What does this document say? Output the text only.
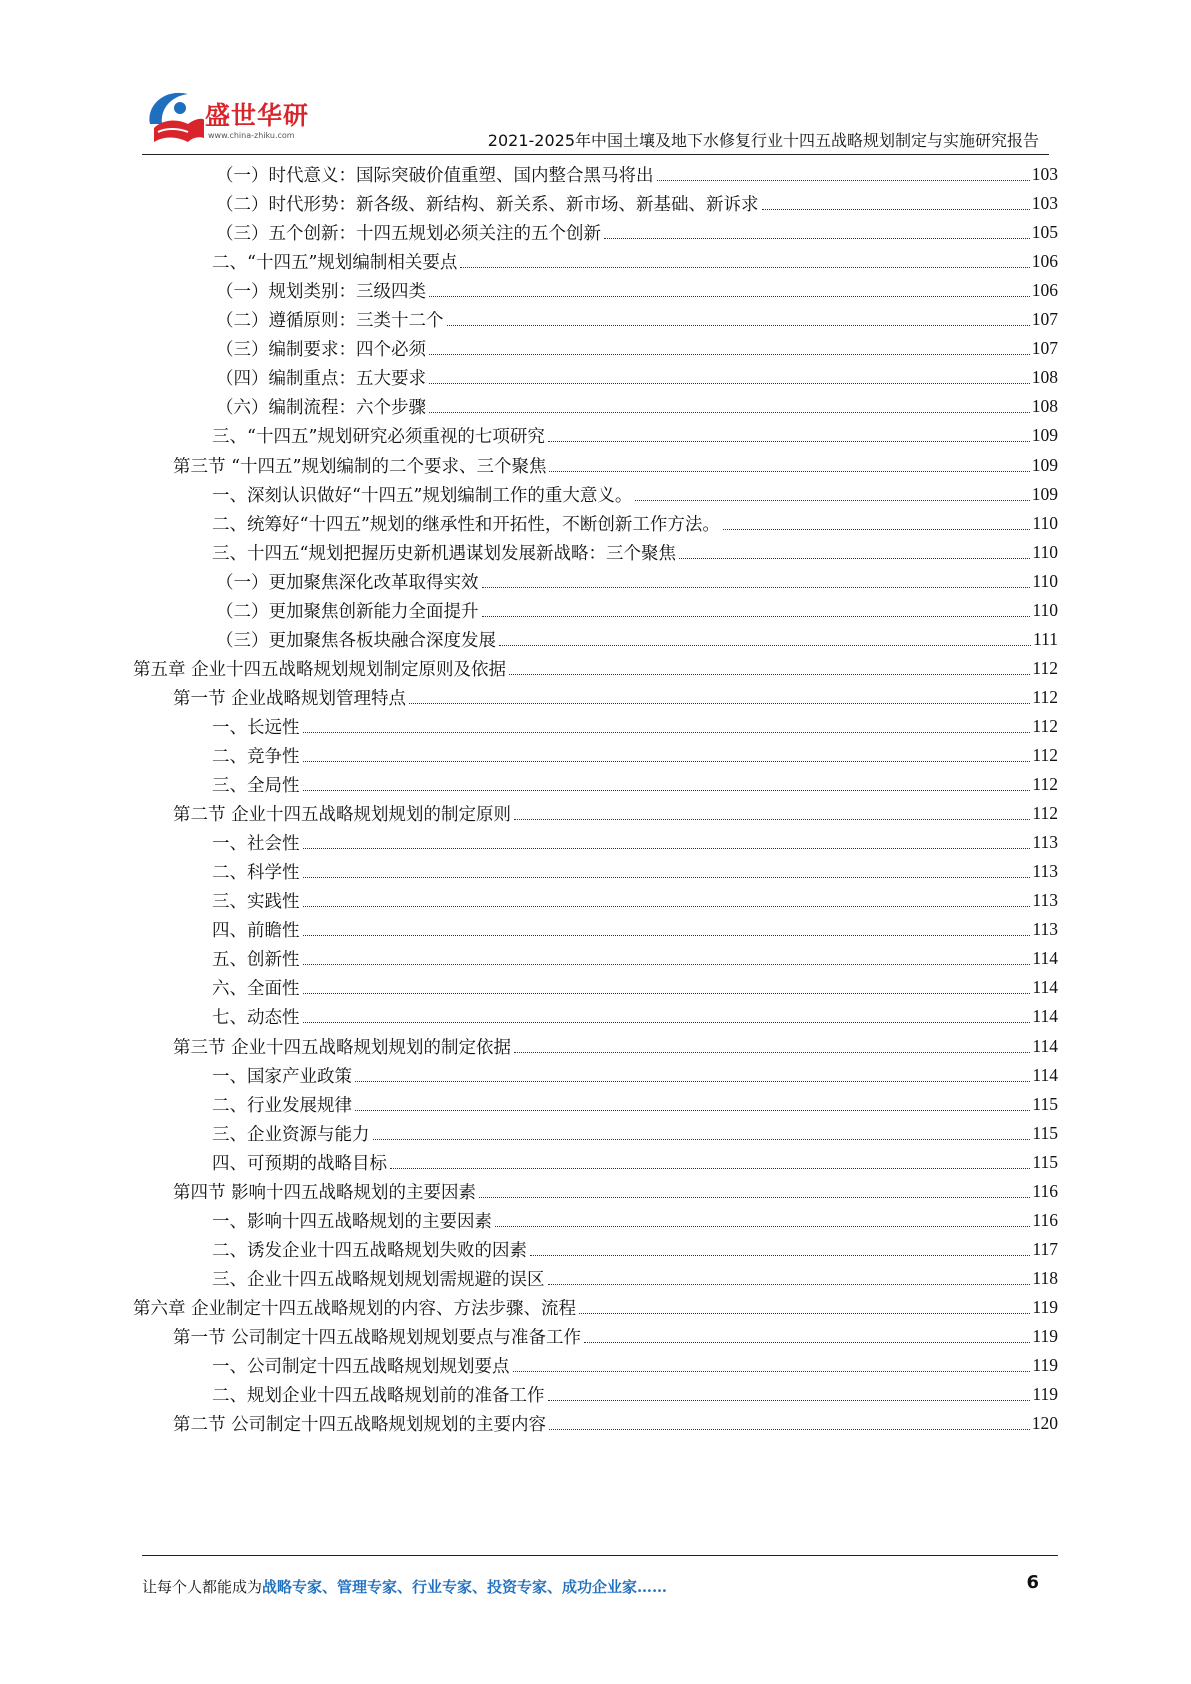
盛世华研
www.china-zhiku.com	2021-2025年中国土壤及地下水修复行业十四五战略规划制定与实施研究报告
（一）时代意义：国际突破价值重塑、国内整合黑马将出	103
（二）时代形势：新各级、新结构、新关系、新市场、新基础、新诉求	103
（三）五个创新：十四五规划必须关注的五个创新	105
二、“十四五”规划编制相关要点	106
（一）规划类别：三级四类	106
（二）遵循原则：三类十二个	107
（三）编制要求：四个必须	107
（四）编制重点：五大要求	108
（六）编制流程：六个步骤	108
三、“十四五”规划研究必须重视的七项研究	109
第三节 “十四五”规划编制的二个要求、三个聚焦	109
一、深刻认识做好“十四五”规划编制工作的重大意义。	109
二、统筹好“十四五”规划的继承性和开拓性，不断创新工作方法。	110
三、十四五“规划把握历史新机遇谋划发展新战略：三个聚焦	110
（一）更加聚焦深化改革取得实效	110
（二）更加聚焦创新能力全面提升	110
（三）更加聚焦各板块融合深度发展	111
第五章 企业十四五战略规划规划制定原则及依据	112
第一节 企业战略规划管理特点	112
一、长远性	112
二、竞争性	112
三、全局性	112
第二节 企业十四五战略规划规划的制定原则	112
一、社会性	113
二、科学性	113
三、实践性	113
四、前瞻性	113
五、创新性	114
六、全面性	114
七、动态性	114
第三节 企业十四五战略规划规划的制定依据	114
一、国家产业政策	114
二、行业发展规律	115
三、企业资源与能力	115
四、可预期的战略目标	115
第四节 影响十四五战略规划的主要因素	116
一、影响十四五战略规划的主要因素	116
二、诱发企业十四五战略规划失败的因素	117
三、企业十四五战略规划规划需规避的误区	118
第六章 企业制定十四五战略规划的内容、方法步骤、流程	119
第一节 公司制定十四五战略规划规划要点与准备工作	119
一、公司制定十四五战略规划规划要点	119
二、规划企业十四五战略规划前的准备工作	119
第二节 公司制定十四五战略规划规划的主要内容	120
让每个人都能成为战略专家、管理专家、行业专家、投资专家、成功企业家……	6
